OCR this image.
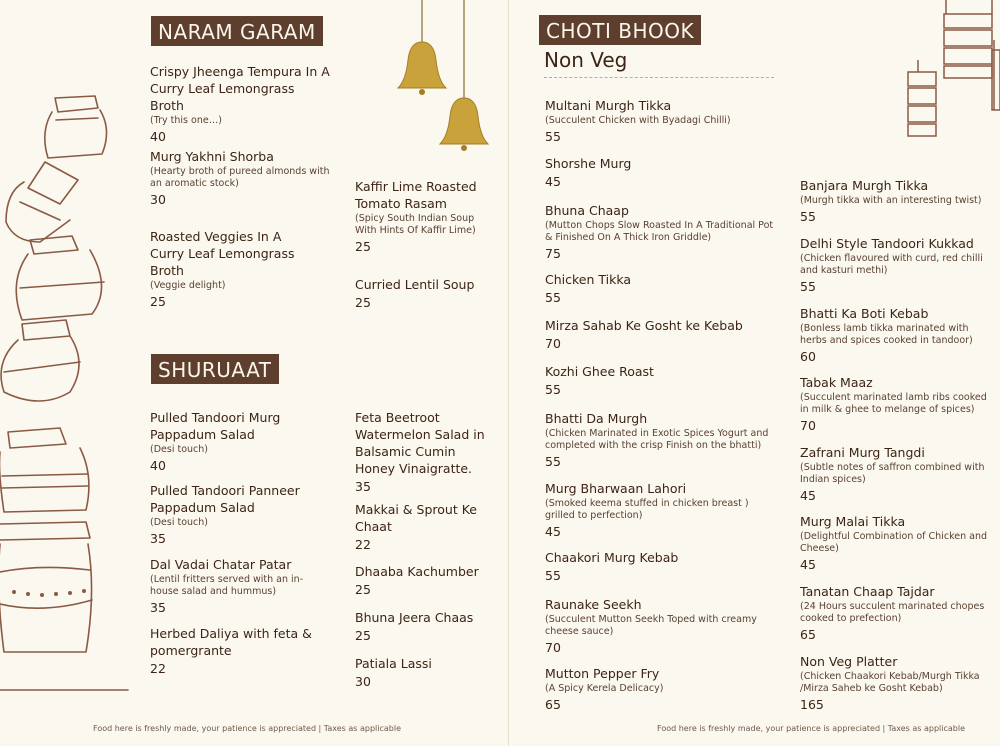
NARAM GARAM
Crispy Jheenga Tempura In A Curry Leaf Lemongrass Broth
(Try this one…)
40
Murg Yakhni Shorba
(Hearty broth of pureed almonds with an aromatic stock)
30
Roasted Veggies In A Curry Leaf Lemongrass Broth
(Veggie delight)
25
Kaffir Lime Roasted Tomato Rasam
(Spicy South Indian Soup With Hints Of Kaffir Lime)
25
Curried Lentil Soup
25
SHURUAAT
Pulled Tandoori Murg Pappadum Salad
(Desi touch)
40
Pulled Tandoori Panneer Pappadum Salad
(Desi touch)
35
Dal Vadai Chatar Patar
(Lentil fritters served with an in-house salad and hummus)
35
Herbed Daliya with feta & pomergrante
22
Feta Beetroot Watermelon Salad in Balsamic Cumin Honey Vinaigratte.
35
Makkai & Sprout Ke Chaat
22
Dhaaba Kachumber
25
Bhuna Jeera Chaas
25
Patiala Lassi
30
Food here is freshly made, your patience is appreciated | Taxes as applicable
CHOTI BHOOK
Non Veg
Multani Murgh Tikka
(Succulent Chicken with Byadagi Chilli)
55
Shorshe Murg
45
Bhuna Chaap
(Mutton Chops Slow Roasted In A Traditional Pot & Finished On A Thick Iron Griddle)
75
Chicken Tikka
55
Mirza Sahab Ke Gosht ke Kebab
70
Kozhi Ghee Roast
55
Bhatti Da Murgh
(Chicken Marinated in Exotic Spices Yogurt and completed with the crisp Finish on the bhatti)
55
Murg Bharwaan Lahori
(Smoked keema stuffed in chicken breast ) grilled to perfection)
45
Chaakori Murg Kebab
55
Raunake Seekh
(Succulent Mutton Seekh Toped with creamy cheese sauce)
70
Mutton Pepper Fry
(A Spicy Kerela Delicacy)
65
Banjara Murgh Tikka
(Murgh tikka with an interesting twist)
55
Delhi Style Tandoori Kukkad
(Chicken flavoured with curd, red chilli and kasturi methi)
55
Bhatti Ka Boti Kebab
(Bonless lamb tikka marinated with herbs and spices cooked in tandoor)
60
Tabak Maaz
(Succulent marinated lamb ribs cooked in milk & ghee to melange of spices)
70
Zafrani Murg Tangdi
(Subtle notes of saffron combined with Indian spices)
45
Murg Malai Tikka
(Delightful Combination of Chicken and Cheese)
45
Tanatan Chaap Tajdar
(24 Hours succulent marinated chopes cooked to prefection)
65
Non Veg Platter
(Chicken Chaakori Kebab/Murgh Tikka /Mirza Saheb ke Gosht Kebab)
165
Food here is freshly made, your patience is appreciated | Taxes as applicable
